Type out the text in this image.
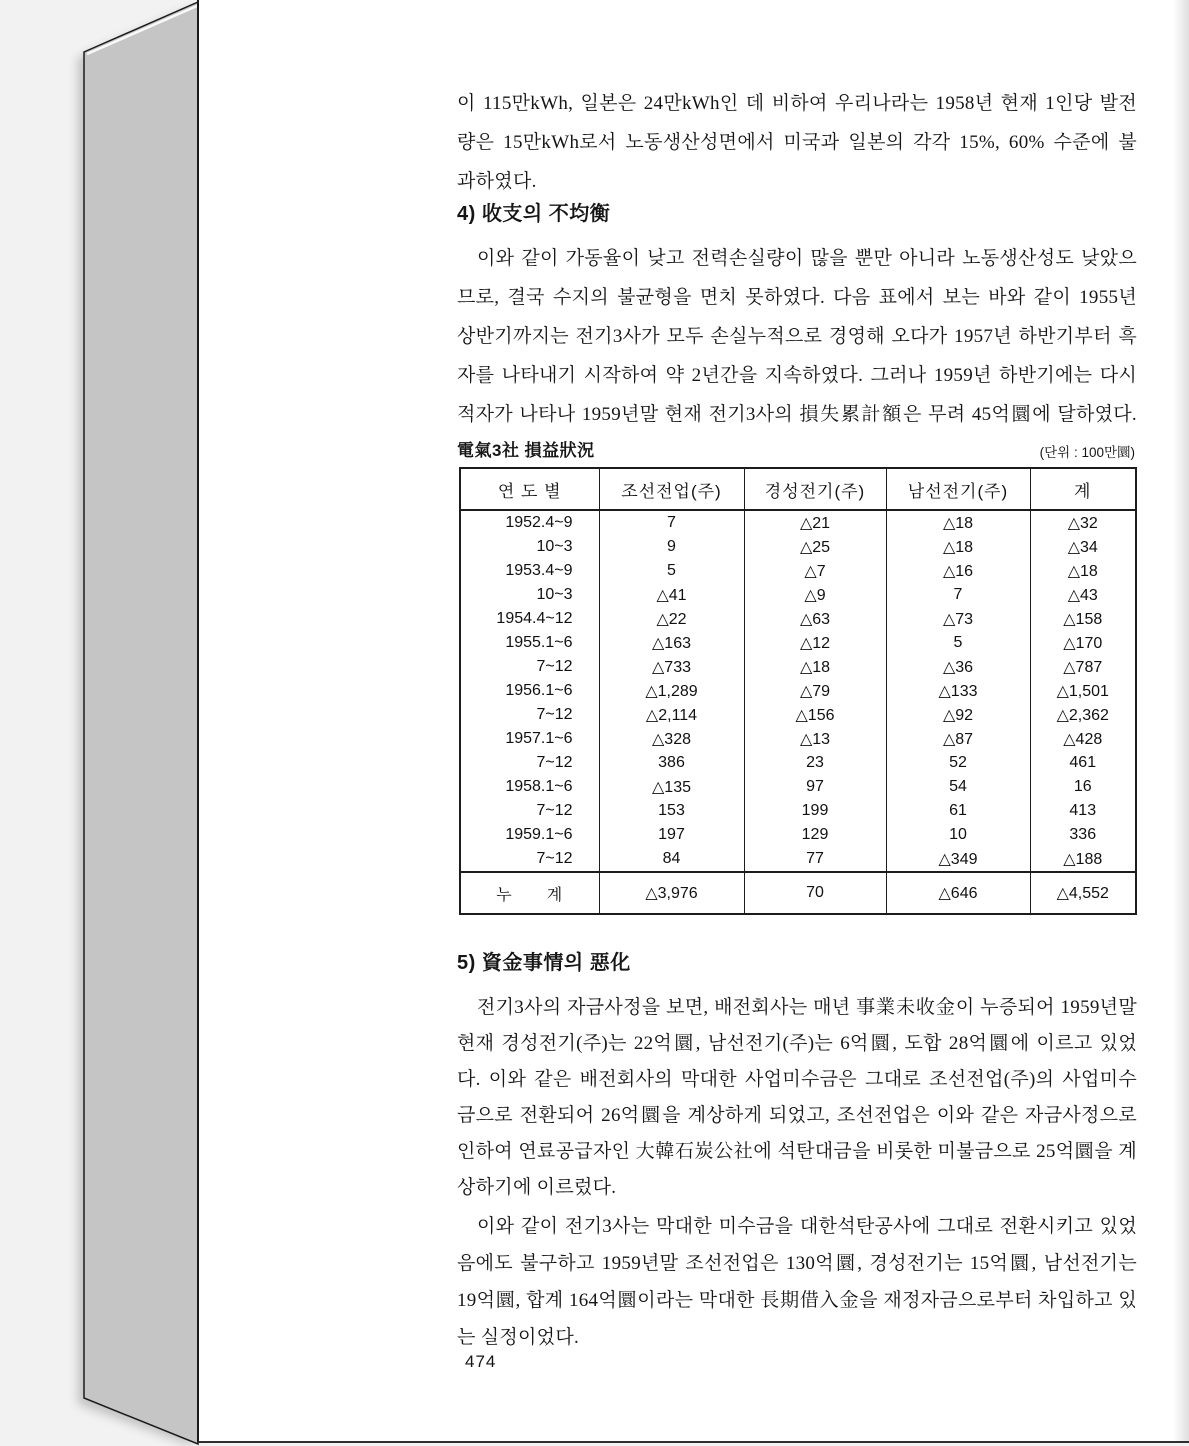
이 115만kWh, 일본은 24만kWh인 데 비하여 우리나라는 1958년 현재 1인당 발전
량은 15만kWh로서 노동생산성면에서 미국과 일본의 각각 15%, 60% 수준에 불
과하였다.
4) 收支의 不均衡
이와 같이 가동율이 낮고 전력손실량이 많을 뿐만 아니라 노동생산성도 낮았으
므로, 결국 수지의 불균형을 면치 못하였다. 다음 표에서 보는 바와 같이 1955년
상반기까지는 전기3사가 모두 손실누적으로 경영해 오다가 1957년 하반기부터 흑
자를 나타내기 시작하여 약 2년간을 지속하였다. 그러나 1959년 하반기에는 다시
적자가 나타나 1959년말 현재 전기3사의 損失累計額은 무려 45억圜에 달하였다.
電氣3社 損益狀況	(단위 : 100만圜)
연 도 별	조선전업(주)	경성전기(주)	남선전기(주)	계
1952.4~9	7	△21	△18	△32
10~3	9	△25	△18	△34
1953.4~9	5	△7	△16	△18
10~3	△41	△9	7	△43
1954.4~12	△22	△63	△73	△158
1955.1~6	△163	△12	5	△170
7~12	△733	△18	△36	△787
1956.1~6	△1,289	△79	△133	△1,501
7~12	△2,114	△156	△92	△2,362
1957.1~6	△328	△13	△87	△428
7~12	386	23	52	461
1958.1~6	△135	97	54	16
7~12	153	199	61	413
1959.1~6	197	129	10	336
7~12	84	77	△349	△188
누  계	△3,976	70	△646	△4,552
5) 資金事情의 惡化
전기3사의 자금사정을 보면, 배전회사는 매년 事業未收金이 누증되어 1959년말
현재 경성전기(주)는 22억圜, 남선전기(주)는 6억圜, 도합 28억圜에 이르고 있었
다. 이와 같은 배전회사의 막대한 사업미수금은 그대로 조선전업(주)의 사업미수
금으로 전환되어 26억圜을 계상하게 되었고, 조선전업은 이와 같은 자금사정으로
인하여 연료공급자인 大韓石炭公社에 석탄대금을 비롯한 미불금으로 25억圜을 계
상하기에 이르렀다.
이와 같이 전기3사는 막대한 미수금을 대한석탄공사에 그대로 전환시키고 있었
음에도 불구하고 1959년말 조선전업은 130억圜, 경성전기는 15억圜, 남선전기는
19억圜, 합계 164억圜이라는 막대한 長期借入金을 재정자금으로부터 차입하고 있
는 실정이었다.
474
